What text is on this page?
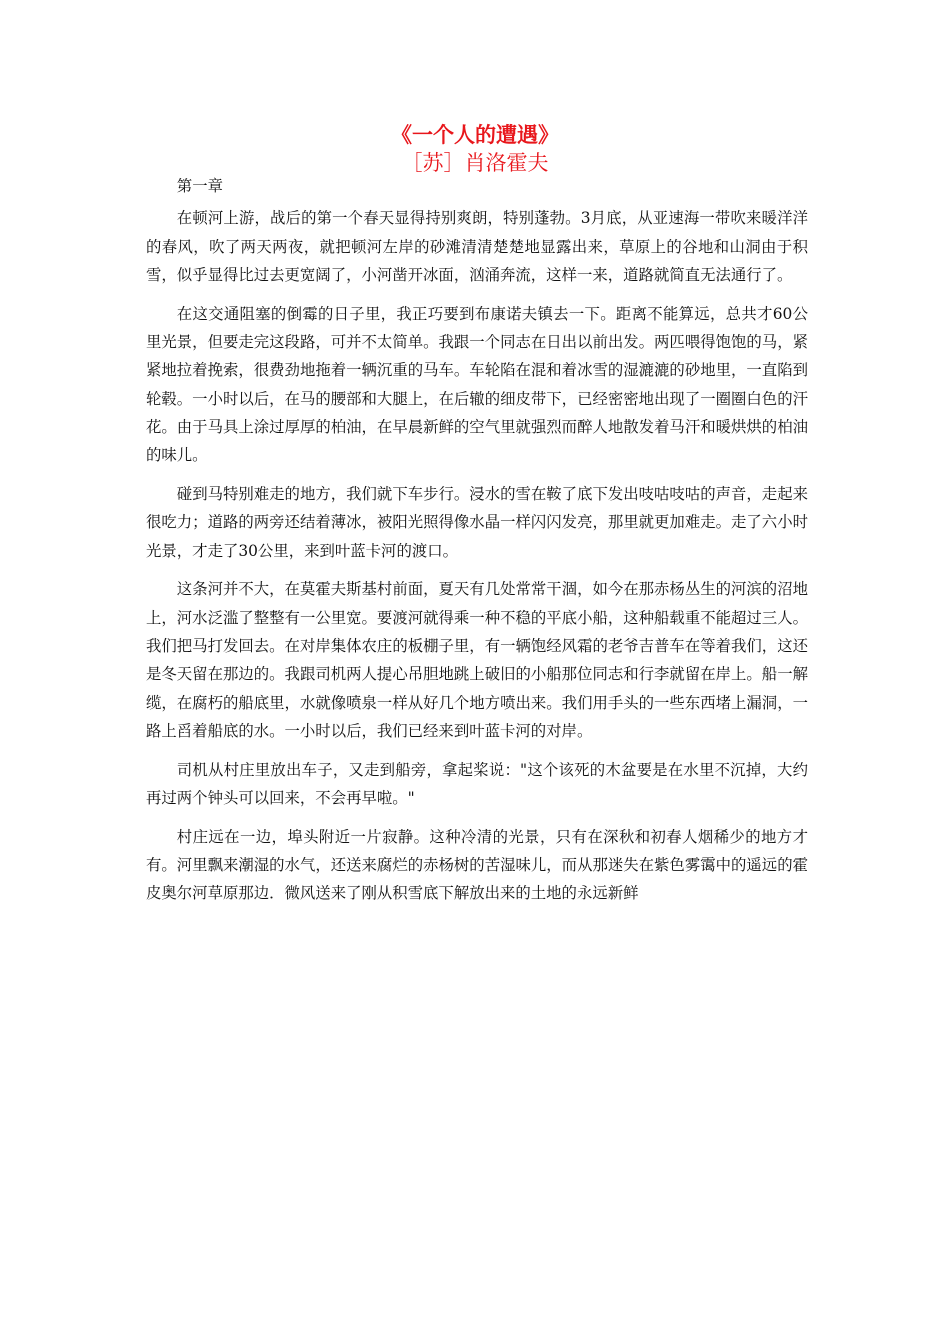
《一个人的遭遇》
［苏］肖洛霍夫

第一章

在顿河上游，战后的第一个春天显得持别爽朗，特别蓬勃。3月底，从亚速海一带吹来暖洋洋的春风，吹了两天两夜，就把顿河左岸的砂滩清清楚楚地显露出来，草原上的谷地和山洞由于积雪，似乎显得比过去更宽阔了，小河凿开冰面，汹涌奔流，这样一来，道路就简直无法通行了。

在这交通阻塞的倒霉的日子里，我正巧要到布康诺夫镇去一下。距离不能算远，总共才60公里光景，但要走完这段路，可并不太简单。我跟一个同志在日出以前出发。两匹喂得饱饱的马，紧紧地拉着挽索，很费劲地拖着一辆沉重的马车。车轮陷在混和着冰雪的湿漉漉的砂地里，一直陷到轮毂。一小时以后，在马的腰部和大腿上，在后辙的细皮带下，已经密密地出现了一圈圈白色的汗花。由于马具上涂过厚厚的柏油，在早晨新鲜的空气里就强烈而醉人地散发着马汗和暖烘烘的柏油的味儿。

碰到马特别难走的地方，我们就下车步行。浸水的雪在鞍了底下发出吱咕吱咕的声音，走起来很吃力；道路的两旁还结着薄冰，被阳光照得像水晶一样闪闪发亮，那里就更加难走。走了六小时光景，才走了30公里，来到叶蓝卡河的渡口。

这条河并不大，在莫霍夫斯基村前面，夏天有几处常常干涸，如今在那赤杨丛生的河滨的沼地上，河水泛滥了整整有一公里宽。要渡河就得乘一种不稳的平底小船，这种船载重不能超过三人。我们把马打发回去。在对岸集体农庄的板棚子里，有一辆饱经风霜的老爷吉普车在等着我们，这还是冬天留在那边的。我跟司机两人提心吊胆地跳上破旧的小船那位同志和行李就留在岸上。船一解缆，在腐朽的船底里，水就像喷泉一样从好几个地方喷出来。我们用手头的一些东西堵上漏洞，一路上舀着船底的水。一小时以后，我们已经来到叶蓝卡河的对岸。

司机从村庄里放出车子，又走到船旁，拿起桨说："这个该死的木盆要是在水里不沉掉，大约再过两个钟头可以回来，不会再早啦。"

村庄远在一边，埠头附近一片寂静。这种冷清的光景，只有在深秋和初春人烟稀少的地方才有。河里飘来潮湿的水气，还送来腐烂的赤杨树的苦湿味儿，而从那迷失在紫色雾霭中的遥远的霍皮奥尔河草原那边．微风送来了刚从积雪底下解放出来的土地的永远新鲜
